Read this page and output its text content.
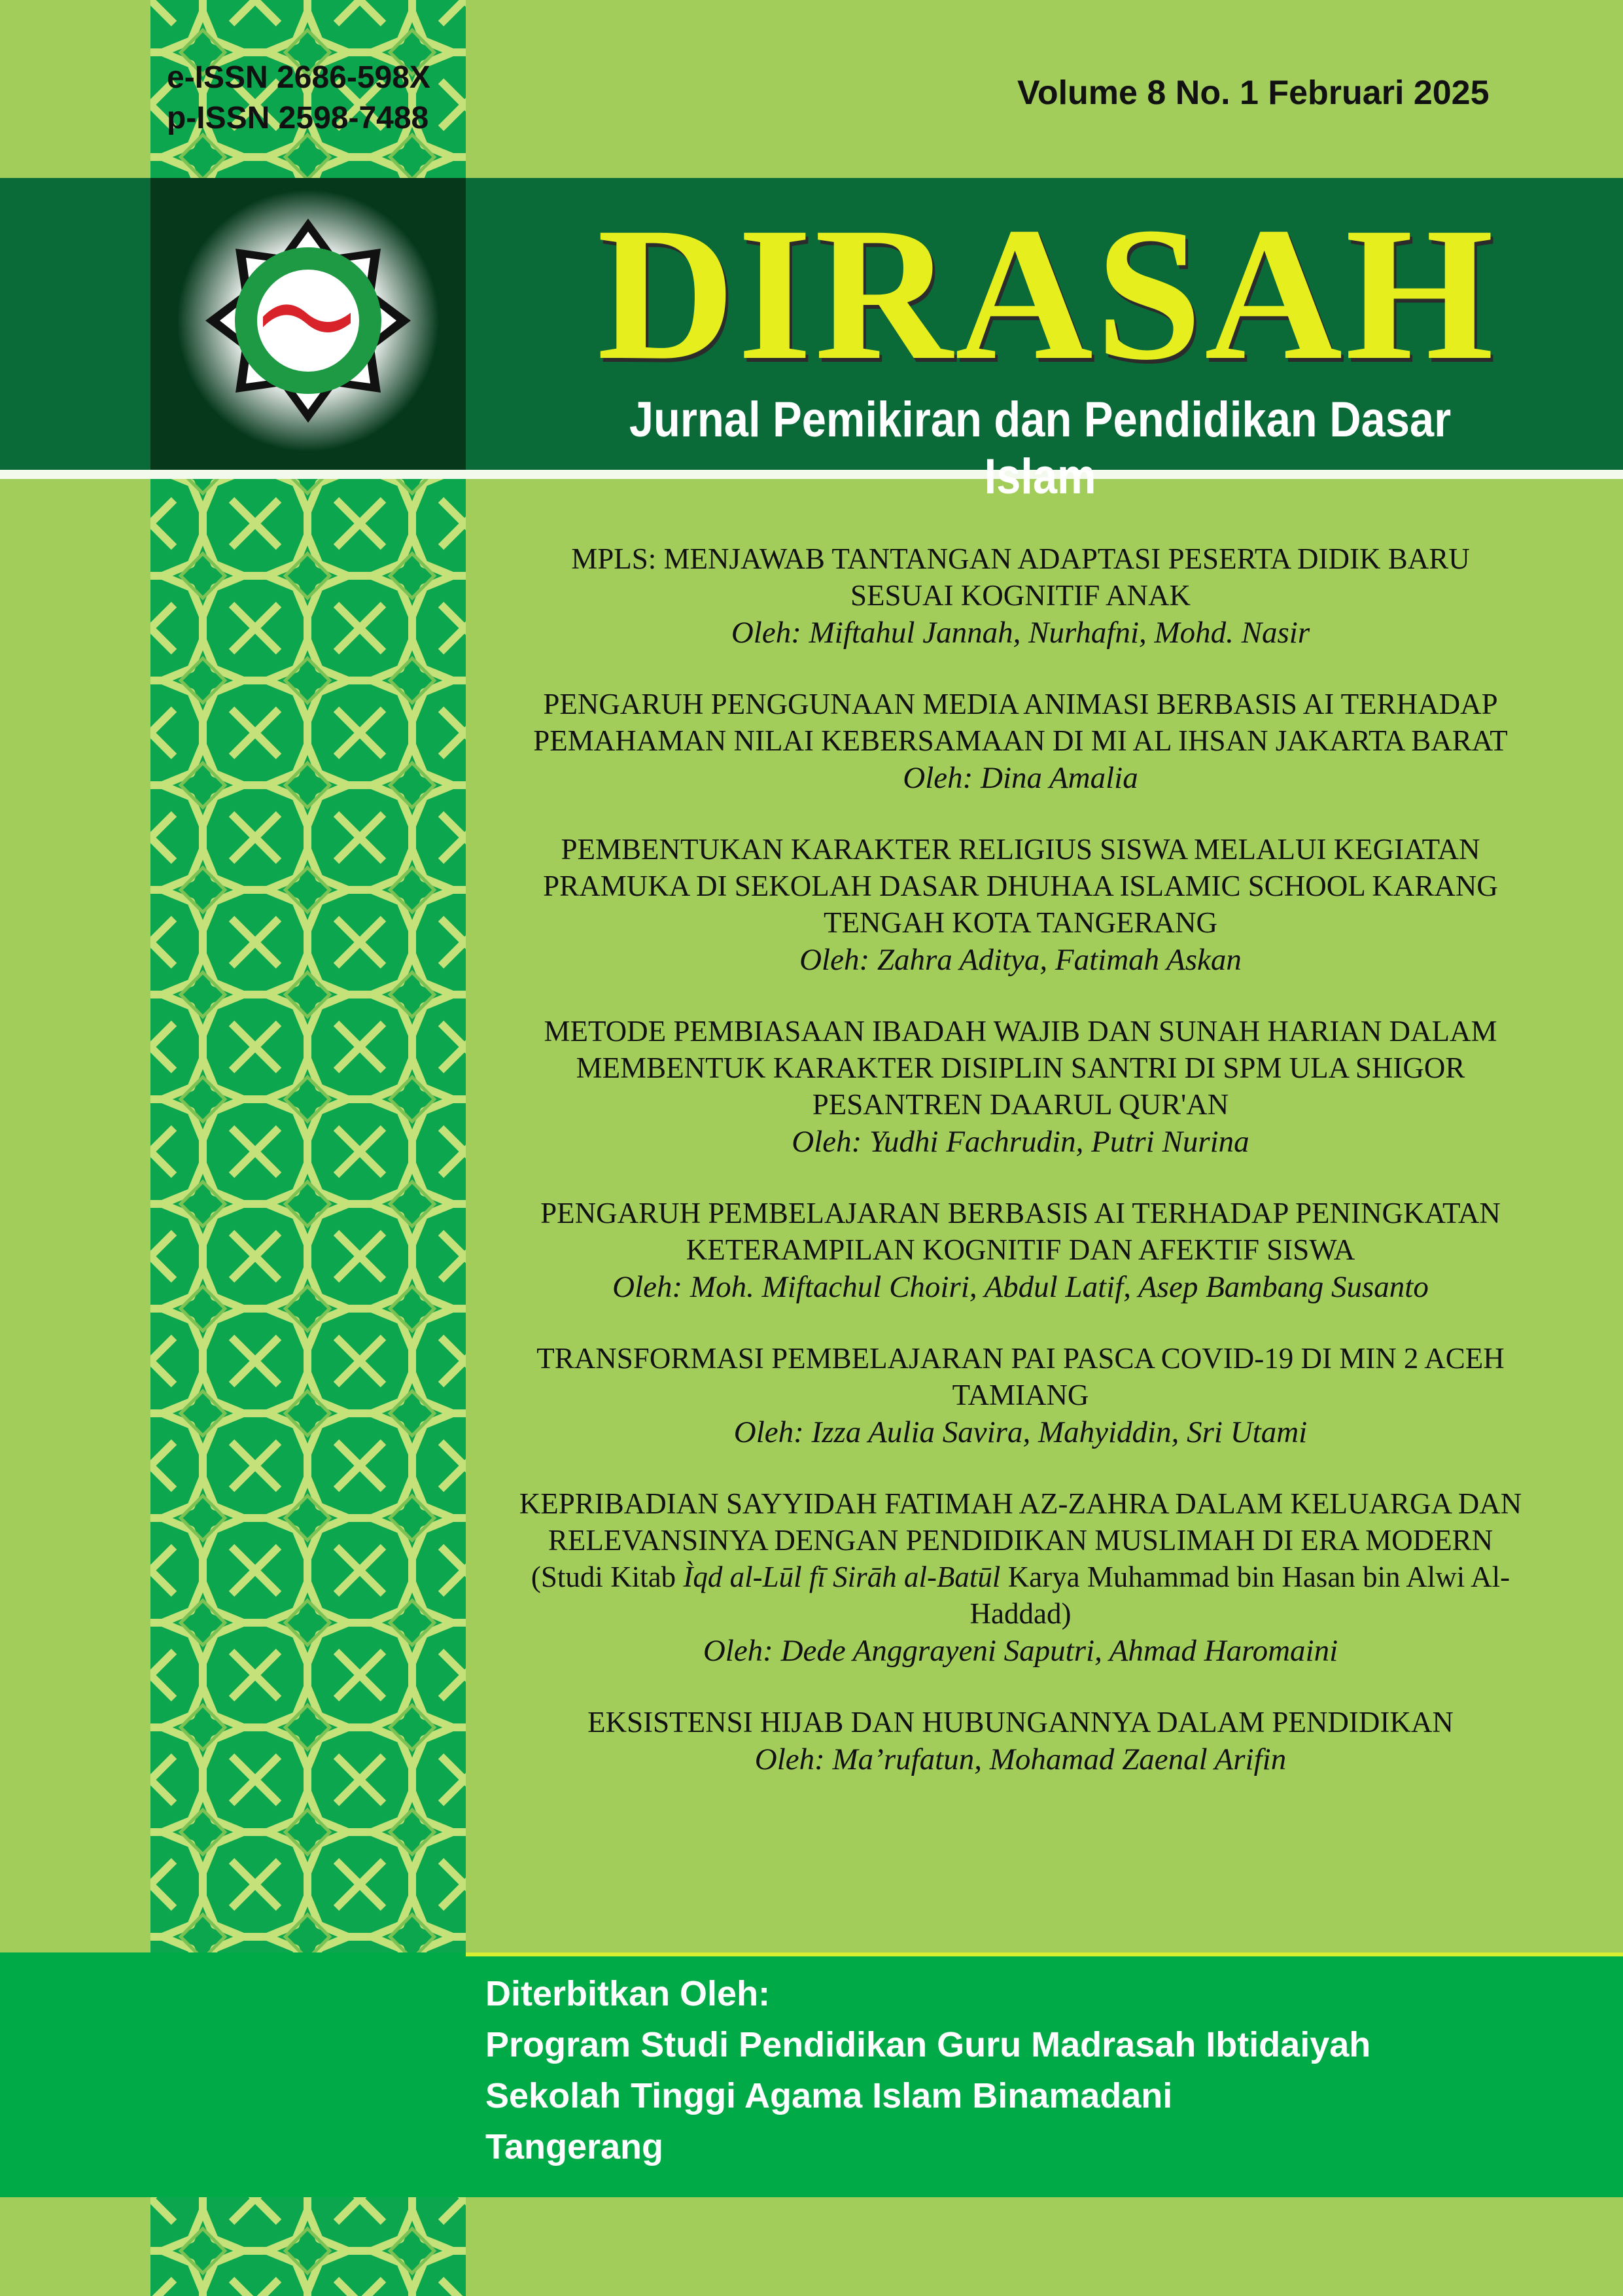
e-ISSN 2686-598X
p-ISSN 2598-7488
Volume 8 No. 1 Februari 2025
DIRASAH
Jurnal Pemikiran dan Pendidikan Dasar Islam
MPLS: MENJAWAB TANTANGAN ADAPTASI PESERTA DIDIK BARU SESUAI KOGNITIF ANAK
Oleh: Miftahul Jannah, Nurhafni, Mohd. Nasir
PENGARUH PENGGUNAAN MEDIA ANIMASI BERBASIS AI TERHADAP PEMAHAMAN NILAI KEBERSAMAAN DI MI AL IHSAN JAKARTA BARAT
Oleh: Dina Amalia
PEMBENTUKAN KARAKTER RELIGIUS SISWA MELALUI KEGIATAN PRAMUKA DI SEKOLAH DASAR DHUHAA ISLAMIC SCHOOL KARANG TENGAH KOTA TANGERANG
Oleh: Zahra Aditya, Fatimah Askan
METODE PEMBIASAAN IBADAH WAJIB DAN SUNAH HARIAN DALAM MEMBENTUK KARAKTER DISIPLIN SANTRI DI SPM ULA SHIGOR PESANTREN DAARUL QUR'AN
Oleh: Yudhi Fachrudin, Putri Nurina
PENGARUH PEMBELAJARAN BERBASIS AI TERHADAP PENINGKATAN KETERAMPILAN KOGNITIF DAN AFEKTIF SISWA
Oleh: Moh. Miftachul Choiri, Abdul Latif, Asep Bambang Susanto
TRANSFORMASI PEMBELAJARAN PAI PASCA COVID-19 DI MIN 2 ACEH TAMIANG
Oleh: Izza Aulia Savira, Mahyiddin, Sri Utami
KEPRIBADIAN SAYYIDAH FATIMAH AZ-ZAHRA DALAM KELUARGA DAN RELEVANSINYA DENGAN PENDIDIKAN MUSLIMAH DI ERA MODERN
(Studi Kitab Ìqd al-Lūl fī Sirāh al-Batūl Karya Muhammad bin Hasan bin Alwi Al-Haddad)
Oleh: Dede Anggrayeni Saputri, Ahmad Haromaini
EKSISTENSI HIJAB DAN HUBUNGANNYA DALAM PENDIDIKAN
Oleh: Ma’rufatun, Mohamad Zaenal Arifin
Diterbitkan Oleh:
Program Studi Pendidikan Guru Madrasah Ibtidaiyah
Sekolah Tinggi Agama Islam Binamadani
Tangerang
